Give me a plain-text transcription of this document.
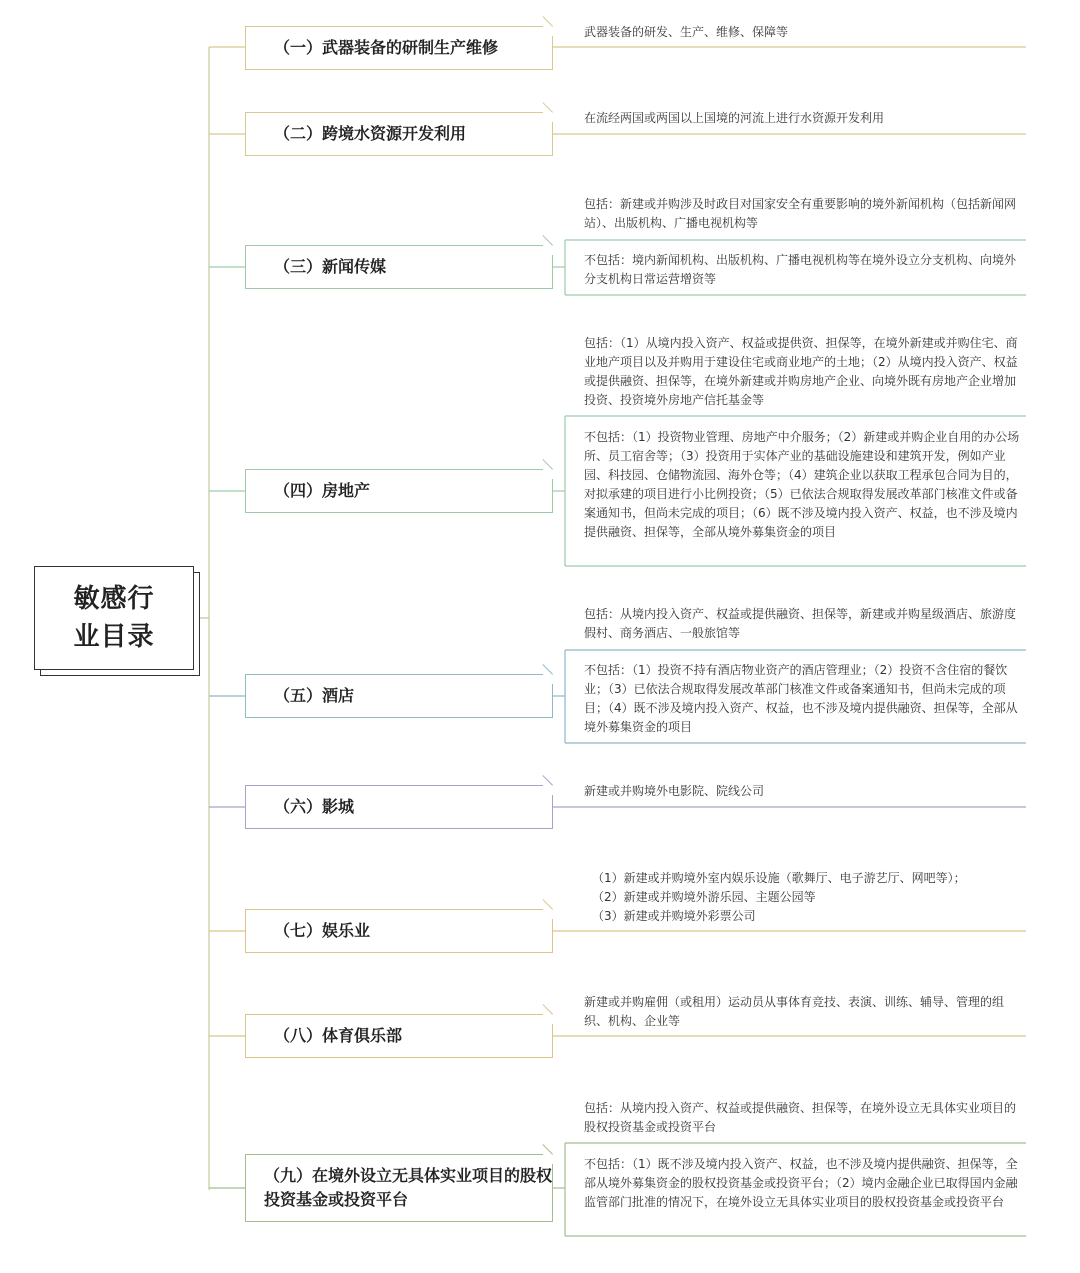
敏感行业目录
（一）武器装备的研制生产维修
武器装备的研发、生产、维修、保障等
（二）跨境水资源开发利用
在流经两国或两国以上国境的河流上进行水资源开发利用
（三）新闻传媒
包括：新建或并购涉及时政目对国家安全有重要影响的境外新闻机构（包括新闻网站）、出版机构、广播电视机构等
不包括：境内新闻机构、出版机构、广播电视机构等在境外设立分支机构、向境外分支机构日常运营增资等
（四）房地产
包括：（1）从境内投入资产、权益或提供资、担保等，在境外新建或并购住宅、商业地产项目以及并购用于建设住宅或商业地产的土地；（2）从境内投入资产、权益或提供融资、担保等，在境外新建或并购房地产企业、向境外既有房地产企业增加投资、投资境外房地产信托基金等
不包括：（1）投资物业管理、房地产中介服务；（2）新建或并购企业自用的办公场所、员工宿舍等；（3）投资用于实体产业的基础设施建设和建筑开发，例如产业园、科技园、仓储物流园、海外仓等；（4）建筑企业以获取工程承包合同为目的，对拟承建的项目进行小比例投资；（5）已依法合规取得发展改革部门核准文件或备案通知书，但尚未完成的项目；（6）既不涉及境内投入资产、权益，也不涉及境内提供融资、担保等，全部从境外募集资金的项目
（五）酒店
包括：从境内投入资产、权益或提供融资、担保等，新建或并购星级酒店、旅游度假村、商务酒店、一般旅馆等
不包括：（1）投资不持有酒店物业资产的酒店管理业；（2）投资不含住宿的餐饮业；（3）已依法合规取得发展改革部门核准文件或备案通知书，但尚未完成的项目；（4）既不涉及境内投入资产、权益，也不涉及境内提供融资、担保等，全部从境外募集资金的项目
（六）影城
新建或并购境外电影院、院线公司
（七）娱乐业
（1）新建或并购境外室内娱乐设施（歌舞厅、电子游艺厅、网吧等）；
（2）新建或并购境外游乐园、主题公园等
（3）新建或并购境外彩票公司
（八）体育俱乐部
新建或并购雇佣（或租用）运动员从事体育竞技、表演、训练、辅导、管理的组织、机构、企业等
（九）在境外设立无具体实业项目的股权投资基金或投资平台
包括：从境内投入资产、权益或提供融资、担保等，在境外设立无具体实业项目的股权投资基金或投资平台
不包括：（1）既不涉及境内投入资产、权益，也不涉及境内提供融资、担保等，全部从境外募集资金的股权投资基金或投资平台；（2）境内金融企业已取得国内金融监管部门批准的情况下，在境外设立无具体实业项目的股权投资基金或投资平台
